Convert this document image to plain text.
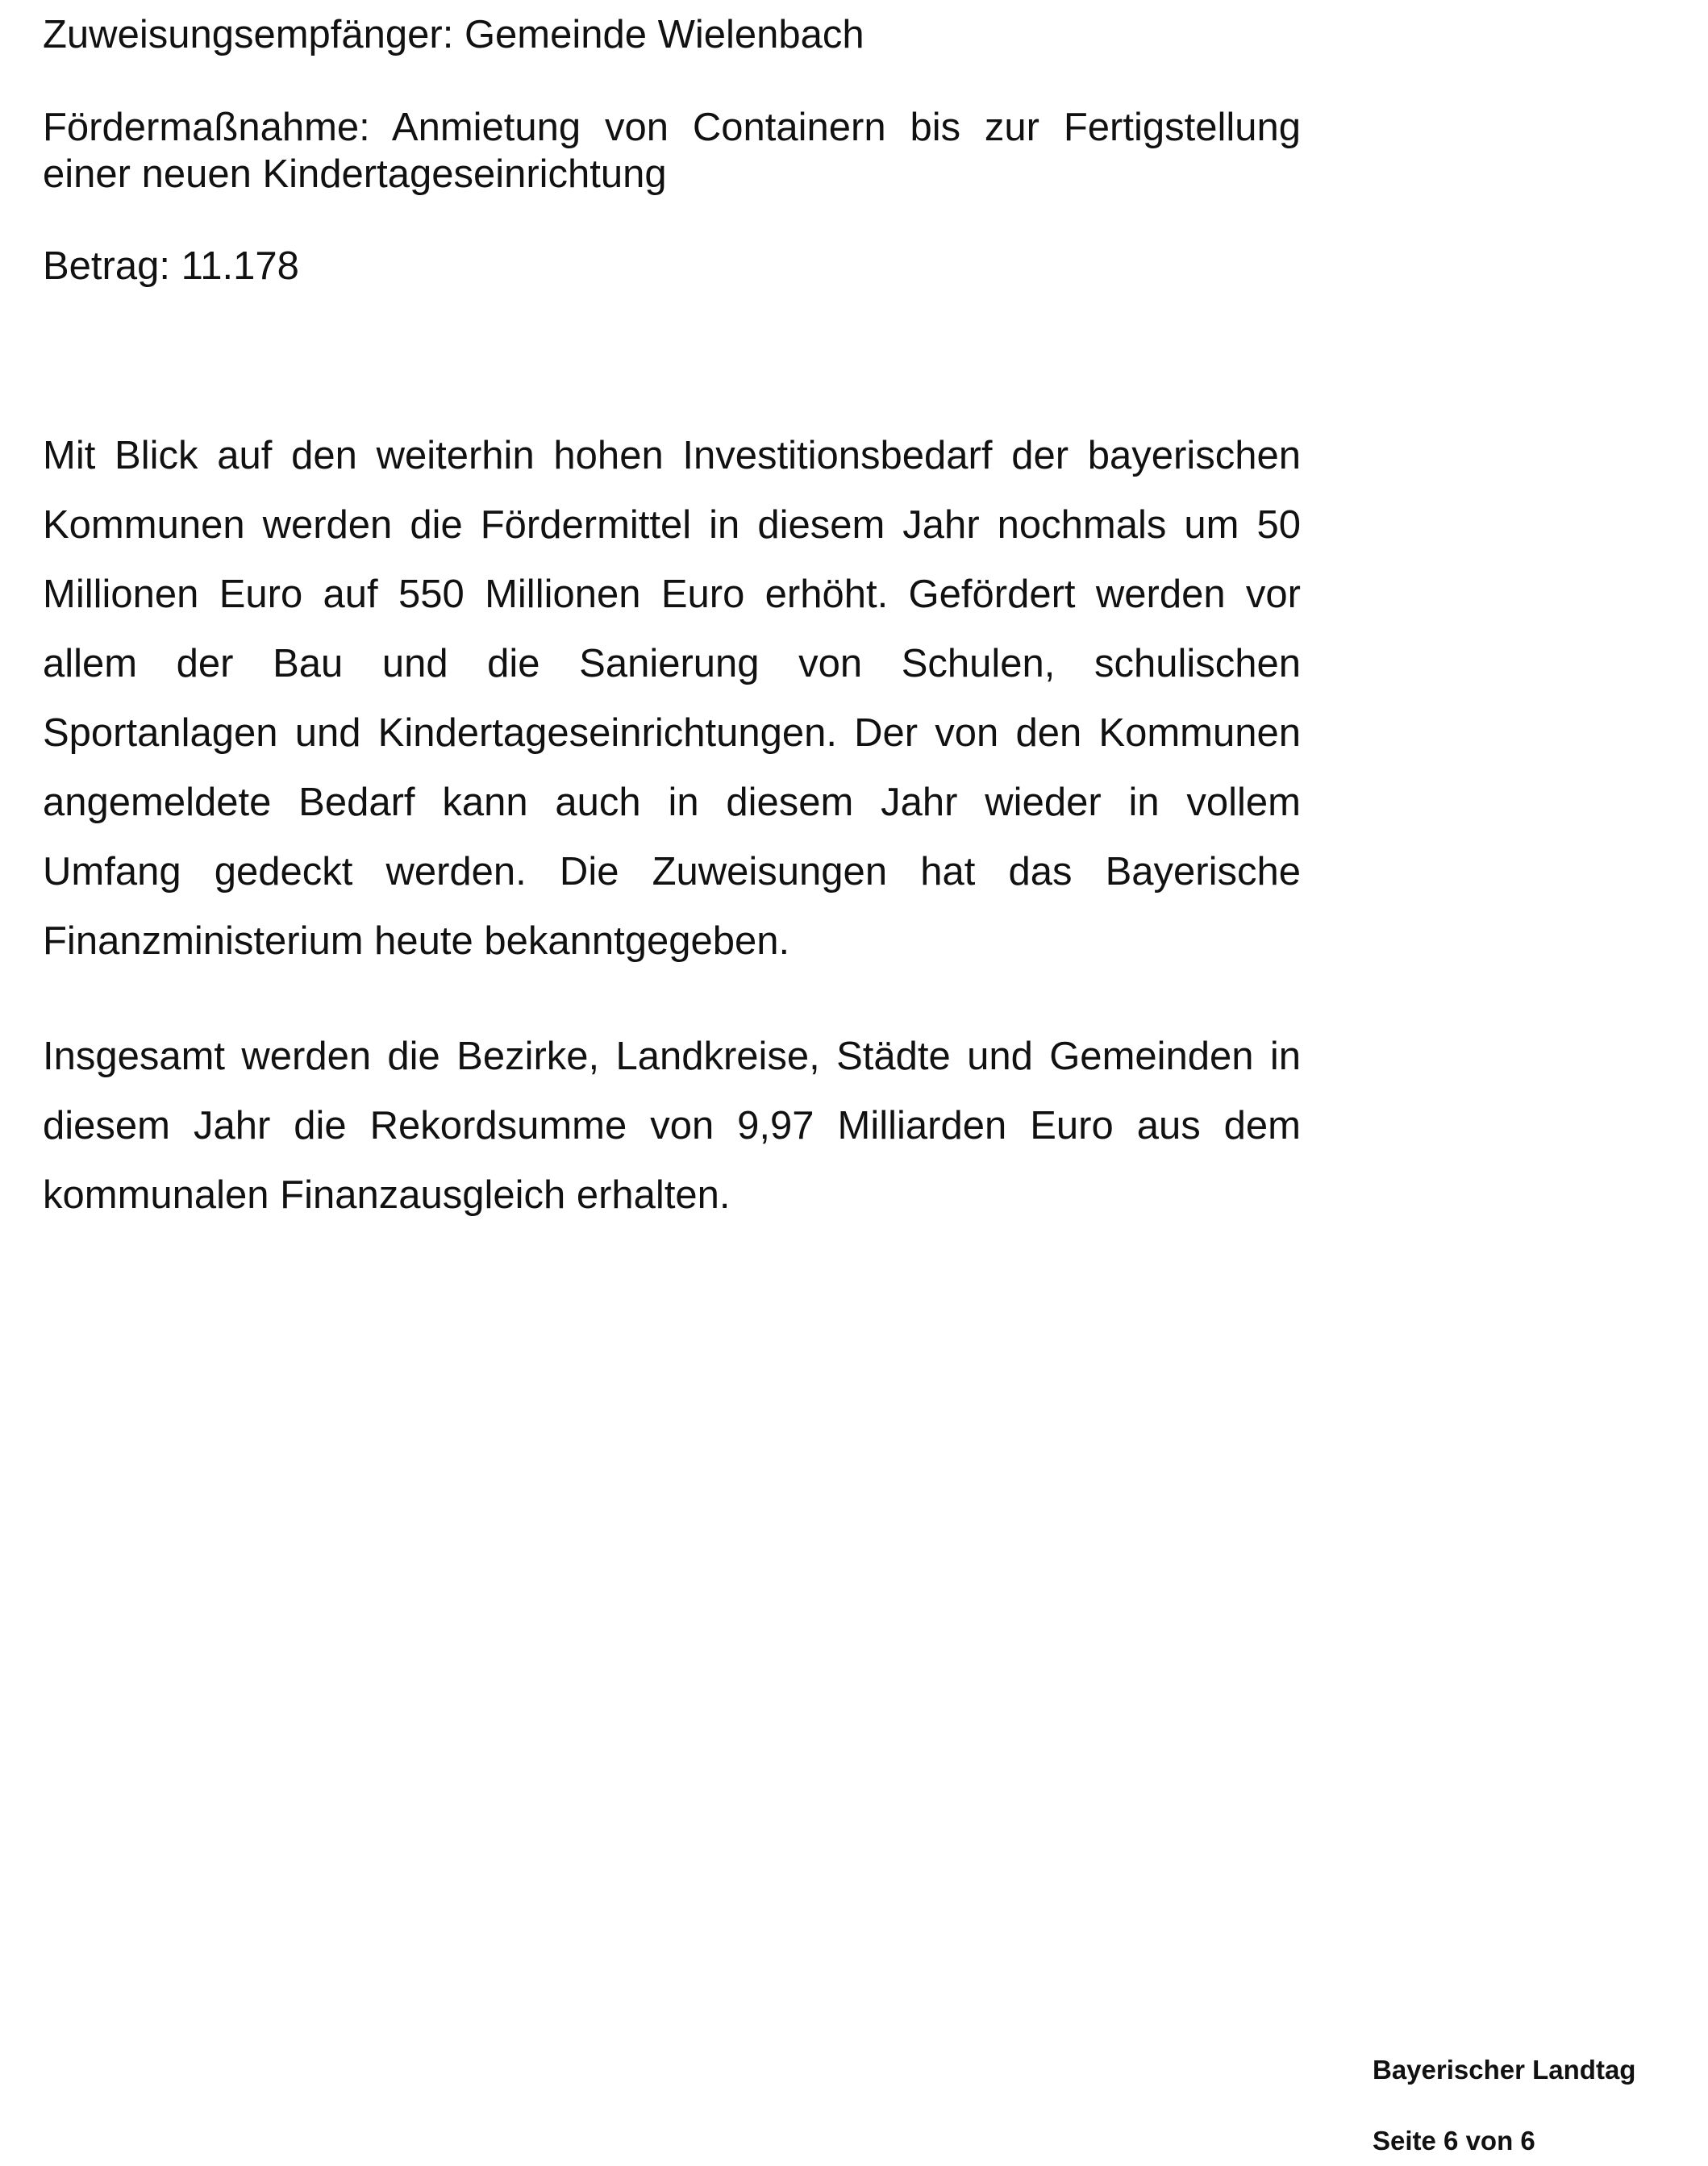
Zuweisungsempfänger: Gemeinde Wielenbach

Fördermaßnahme: Anmietung von Containern bis zur Fertigstellung einer neuen Kindertageseinrichtung

Betrag: 11.178

Mit Blick auf den weiterhin hohen Investitionsbedarf der bayerischen Kommunen werden die Fördermittel in diesem Jahr nochmals um 50 Millionen Euro auf 550 Millionen Euro erhöht. Gefördert werden vor allem der Bau und die Sanierung von Schulen, schulischen Sportanlagen und Kindertageseinrichtungen. Der von den Kommunen angemeldete Bedarf kann auch in diesem Jahr wieder in vollem Umfang gedeckt werden. Die Zuweisungen hat das Bayerische Finanzministerium heute bekanntgegeben.

Insgesamt werden die Bezirke, Landkreise, Städte und Gemeinden in diesem Jahr die Rekordsumme von 9,97 Milliarden Euro aus dem kommunalen Finanzausgleich erhalten.

Bayerischer Landtag
Seite 6 von 6
